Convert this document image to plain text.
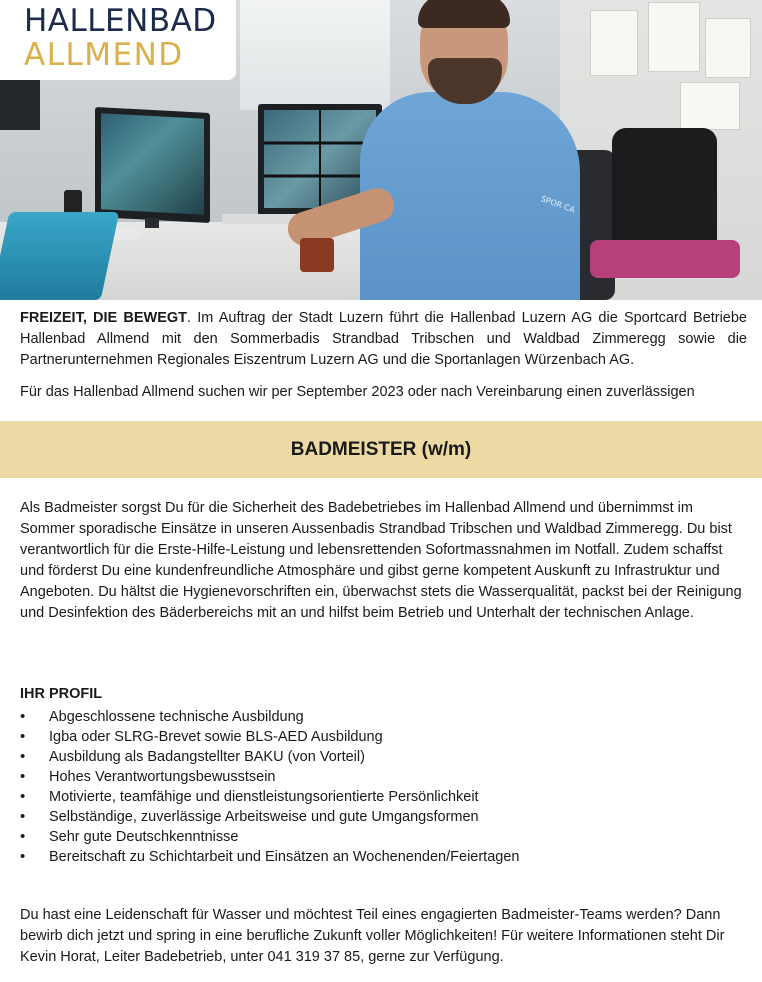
SPOR CA
HALLENBAD
ALLMEND

FREIZEIT, DIE BEWEGT. Im Auftrag der Stadt Luzern führt die Hallenbad Luzern AG die Sportcard Betriebe Hallenbad Allmend mit den Sommerbadis Strandbad Tribschen und Waldbad Zimmeregg sowie die Partnerunternehmen Regionales Eiszentrum Luzern AG und die Sportanlagen Würzenbach AG.

Für das Hallenbad Allmend suchen wir per September 2023 oder nach Vereinbarung einen zuverlässigen

BADMEISTER (w/m)

Als Badmeister sorgst Du für die Sicherheit des Badebetriebes im Hallenbad Allmend und übernimmst im Sommer sporadische Einsätze in unseren Aussenbadis Strandbad Tribschen und Waldbad Zimmeregg. Du bist verantwortlich für die Erste-Hilfe-Leistung und lebensrettenden Sofortmassnahmen im Notfall. Zudem schaffst und förderst Du eine kundenfreundliche Atmosphäre und gibst gerne kompetent Auskunft zu Infrastruktur und Angeboten. Du hältst die Hygienevorschriften ein, überwachst stets die Wasserqualität, packst bei der Reinigung und Desinfektion des Bäderbereichs mit an und hilfst beim Betrieb und Unterhalt der technischen Anlage.

IHR PROFIL
• Abgeschlossene technische Ausbildung
• Igba oder SLRG-Brevet sowie BLS-AED Ausbildung
• Ausbildung als Badangstellter BAKU (von Vorteil)
• Hohes Verantwortungsbewusstsein
• Motivierte, teamfähige und dienstleistungsorientierte Persönlichkeit
• Selbständige, zuverlässige Arbeitsweise und gute Umgangsformen
• Sehr gute Deutschkenntnisse
• Bereitschaft zu Schichtarbeit und Einsätzen an Wochenenden/Feiertagen

Du hast eine Leidenschaft für Wasser und möchtest Teil eines engagierten Badmeister-Teams werden? Dann bewirb dich jetzt und spring in eine berufliche Zukunft voller Möglichkeiten! Für weitere Informationen steht Dir Kevin Horat, Leiter Badebetrieb, unter 041 319 37 85, gerne zur Verfügung.
